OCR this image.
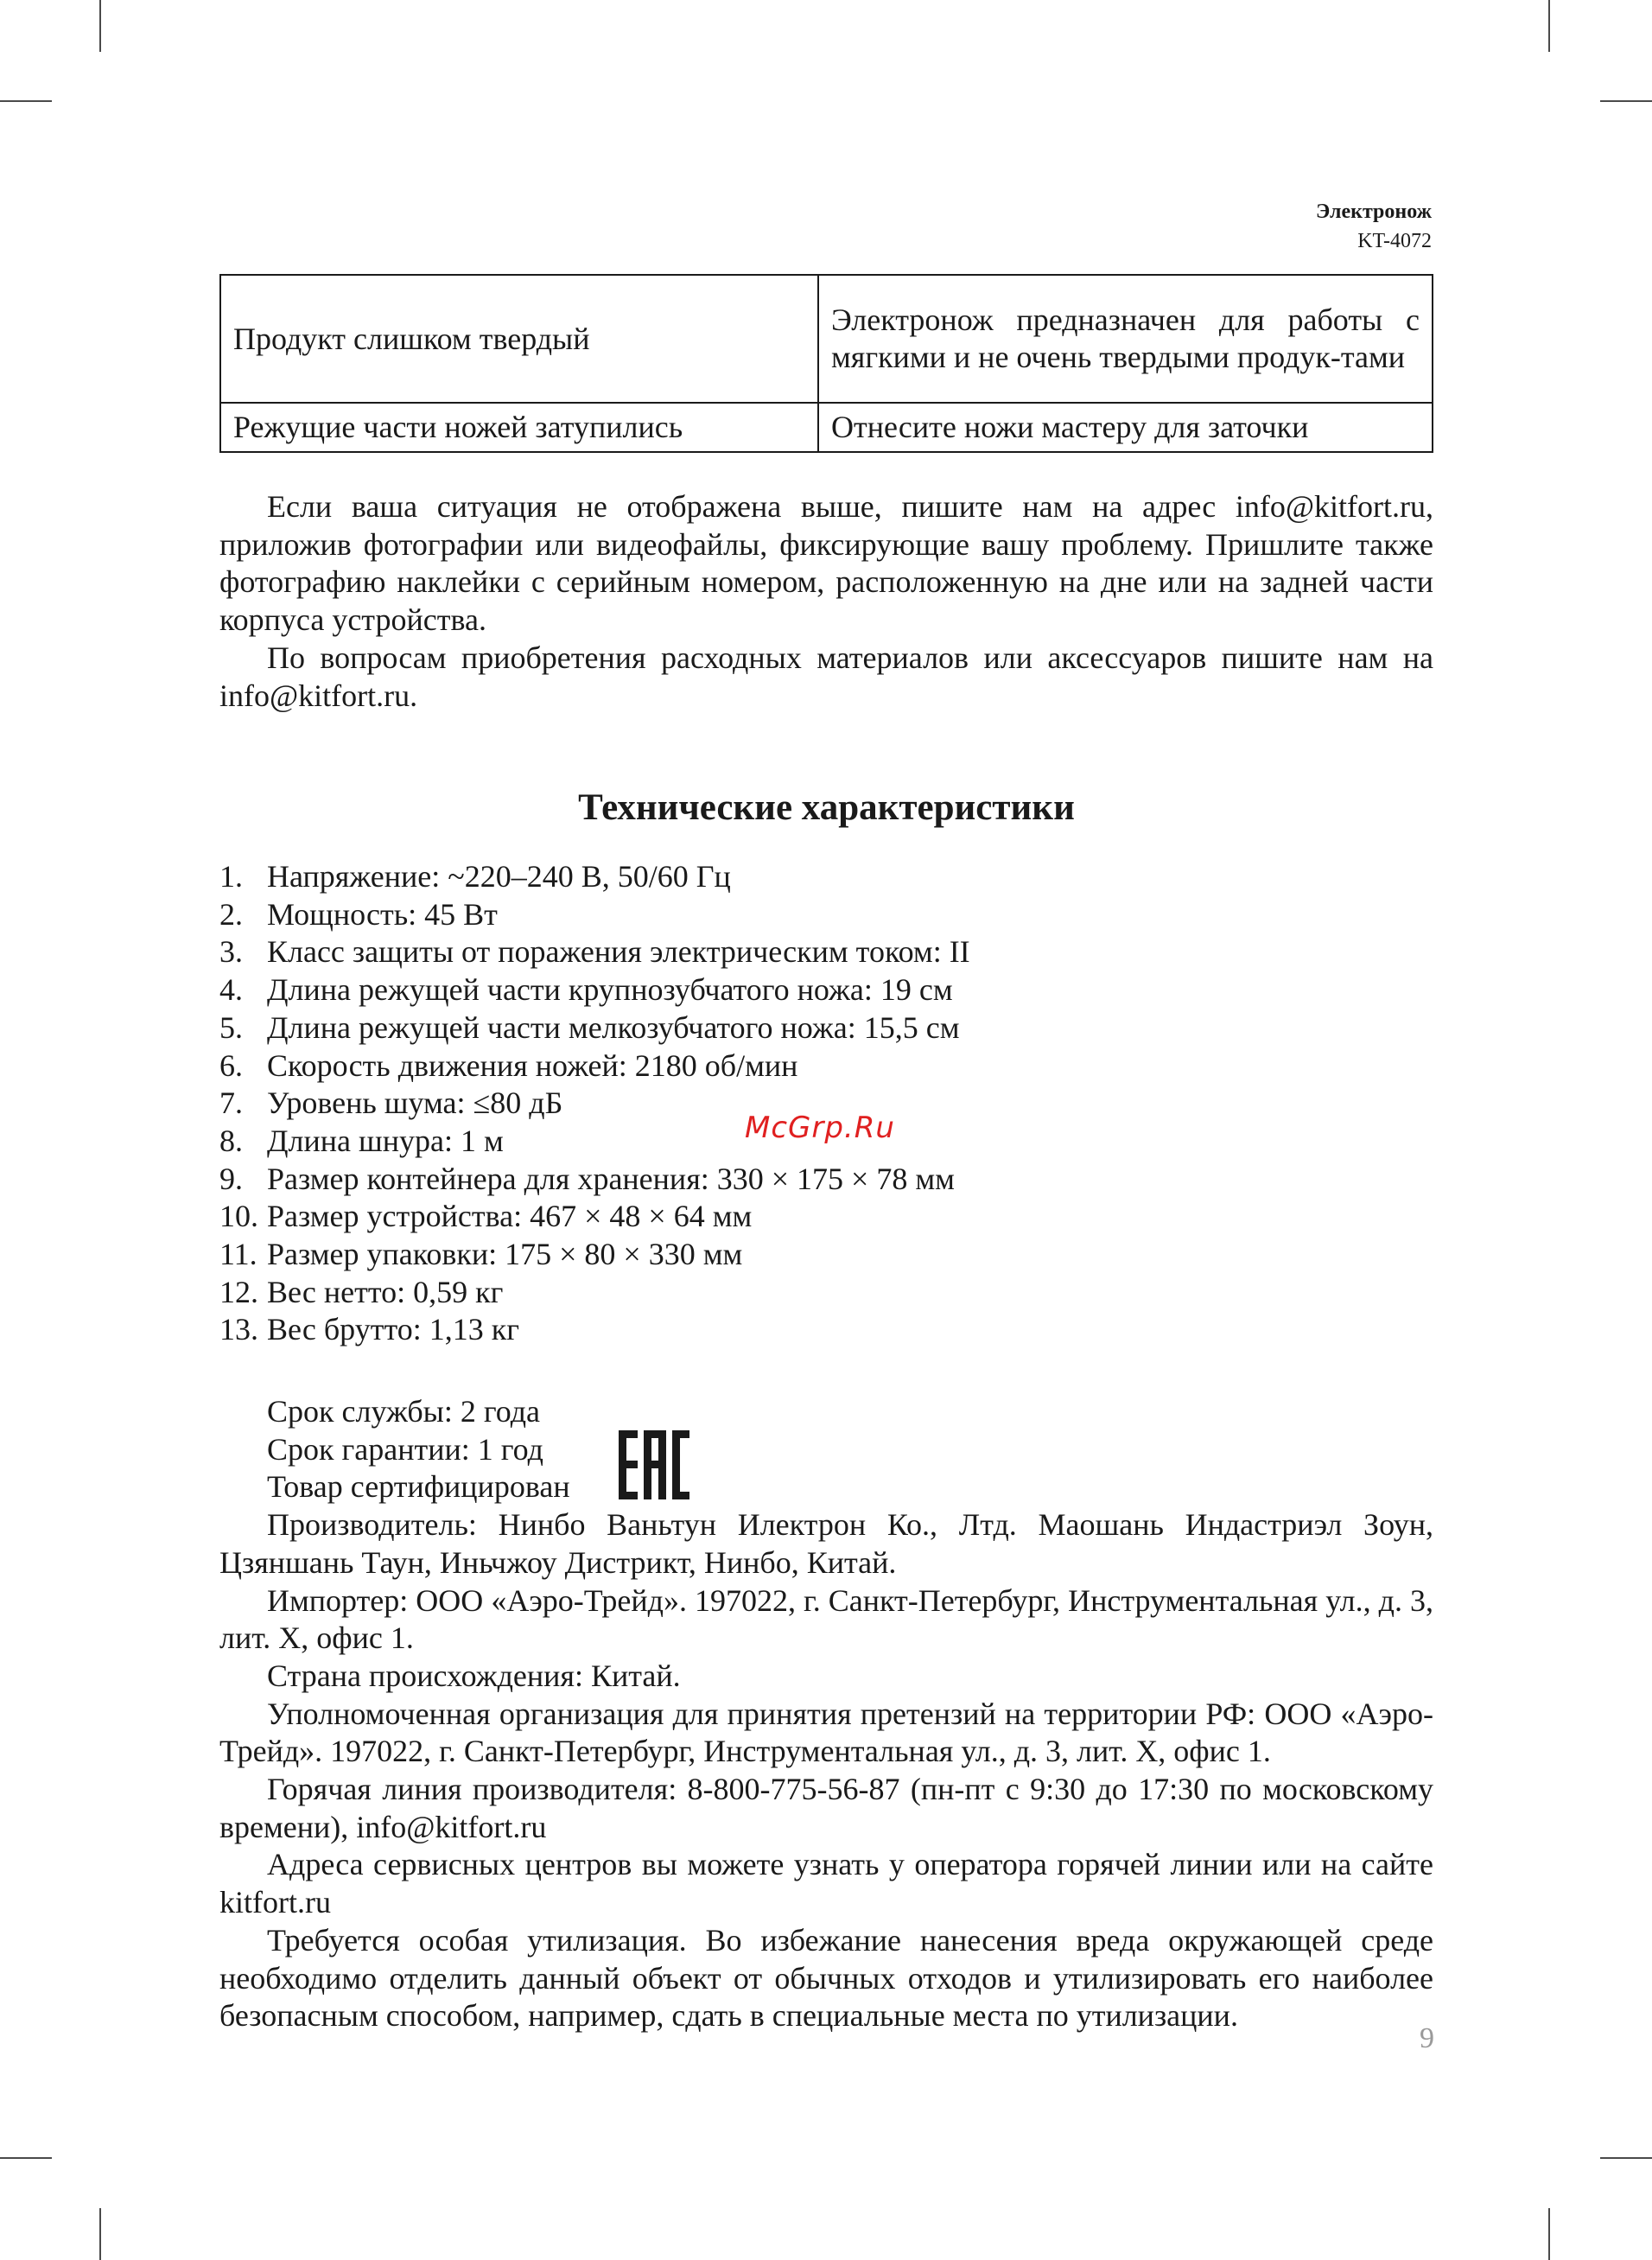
Электронож
KT-4072
Продукт слишком твердый	Электронож предназначен для работы с мягкими и не очень твердыми продук-тами
Режущие части ножей затупились	Отнесите ножи мастеру для заточки

Если ваша ситуация не отображена выше, пишите нам на адрес info@kitfort.ru, приложив фотографии или видеофайлы, фиксирующие вашу проблему. Пришлите также фотографию наклейки с серийным номером, расположенную на дне или на задней части корпуса устройства.

По вопросам приобретения расходных материалов или аксессуаров пишите нам на info@kitfort.ru.

Технические характеристики
1. Напряжение: ~220–240 В, 50/60 Гц
2. Мощность: 45 Вт
3. Класс защиты от поражения электрическим током: II
4. Длина режущей части крупнозубчатого ножа: 19 см
5. Длина режущей части мелкозубчатого ножа: 15,5 см
6. Скорость движения ножей: 2180 об/мин
7. Уровень шума: ≤80 дБ
8. Длина шнура: 1 м
9. Размер контейнера для хранения: 330 × 175 × 78 мм
10. Размер устройства: 467 × 48 × 64 мм
11. Размер упаковки: 175 × 80 × 330 мм
12. Вес нетто: 0,59 кг
13. Вес брутто: 1,13 кг

Срок службы: 2 года

Срок гарантии: 1 год

Товар сертифицирован

Производитель: Нинбо Ваньтун Илектрон Ко., Лтд. Маошань Индастриэл Зоун, Цзяншань Таун, Иньчжоу Дистрикт, Нинбо, Китай.

Импортер: ООО «Аэро-Трейд». 197022, г. Санкт-Петербург, Инструментальная ул., д. 3, лит. Х, офис 1.

Страна происхождения: Китай.

Уполномоченная организация для принятия претензий на территории РФ: ООО «Аэро-Трейд». 197022, г. Санкт-Петербург, Инструментальная ул., д. 3, лит. Х, офис 1.

Горячая линия производителя: 8-800-775-56-87 (пн-пт с 9:30 до 17:30 по московскому времени), info@kitfort.ru

Адреса сервисных центров вы можете узнать у оператора горячей линии или на сайте kitfort.ru

Требуется особая утилизация. Во избежание нанесения вреда окружающей среде необходимо отделить данный объект от обычных отходов и утилизировать его наиболее безопасным способом, например, сдать в специальные места по утилизации.

McGrp.Ru
9
